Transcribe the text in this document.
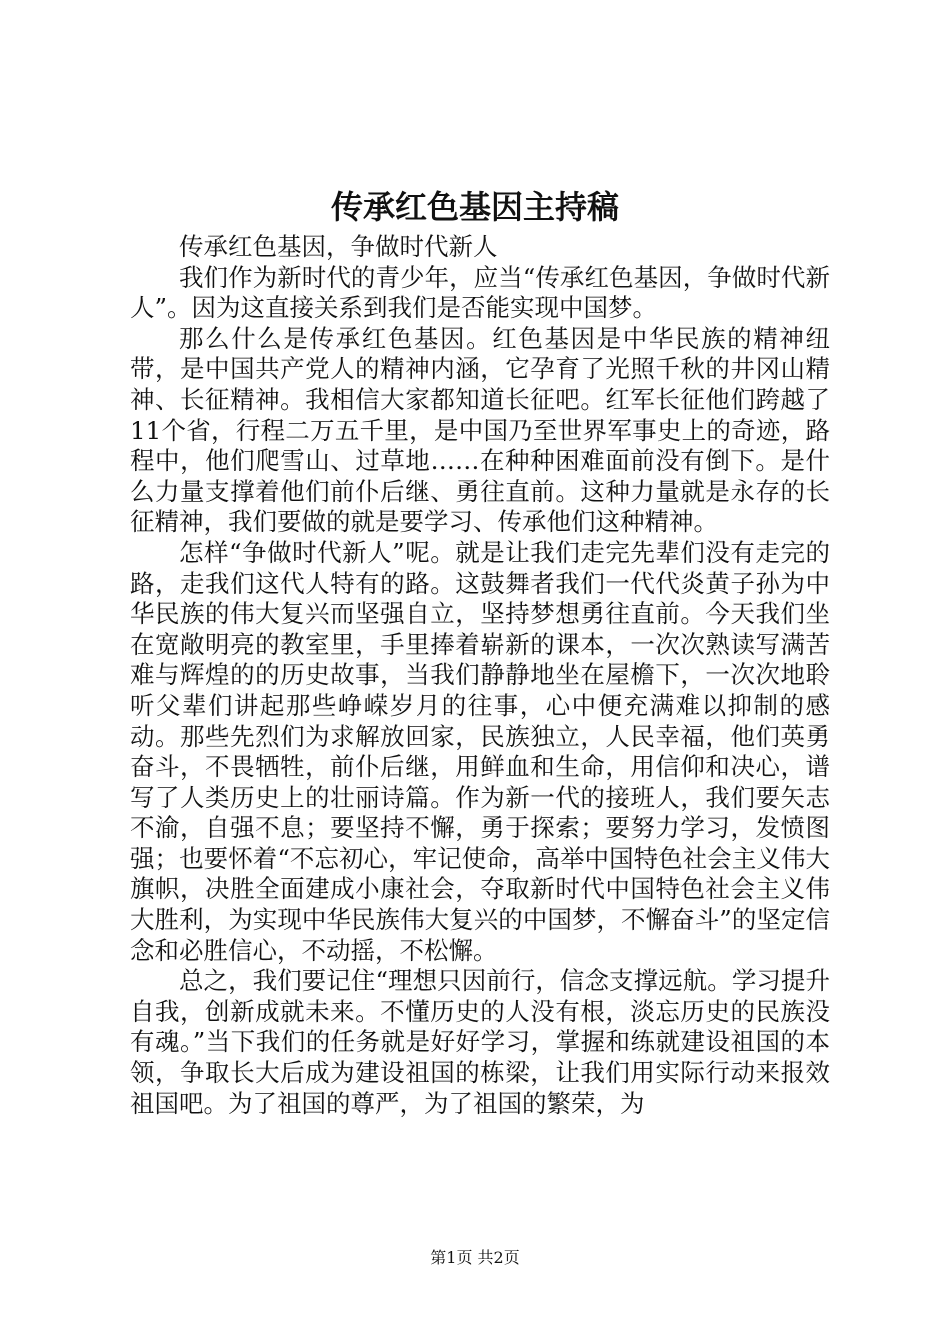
传承红色基因主持稿

传承红色基因，争做时代新人

我们作为新时代的青少年，应当“传承红色基因，争做时代新人”。因为这直接关系到我们是否能实现中国梦。

那么什么是传承红色基因。红色基因是中华民族的精神纽带，是中国共产党人的精神内涵，它孕育了光照千秋的井冈山精神、长征精神。我相信大家都知道长征吧。红军长征他们跨越了11个省，行程二万五千里，是中国乃至世界军事史上的奇迹，路程中，他们爬雪山、过草地……在种种困难面前没有倒下。是什么力量支撑着他们前仆后继、勇往直前。这种力量就是永存的长征精神，我们要做的就是要学习、传承他们这种精神。

怎样“争做时代新人”呢。就是让我们走完先辈们没有走完的路，走我们这代人特有的路。这鼓舞者我们一代代炎黄子孙为中华民族的伟大复兴而坚强自立，坚持梦想勇往直前。今天我们坐在宽敞明亮的教室里，手里捧着崭新的课本，一次次熟读写满苦难与辉煌的的历史故事，当我们静静地坐在屋檐下，一次次地聆听父辈们讲起那些峥嵘岁月的往事，心中便充满难以抑制的感动。那些先烈们为求解放回家，民族独立，人民幸福，他们英勇奋斗，不畏牺牲，前仆后继，用鲜血和生命，用信仰和决心，谱写了人类历史上的壮丽诗篇。作为新一代的接班人，我们要矢志不渝，自强不息；要坚持不懈，勇于探索；要努力学习，发愤图强；也要怀着“不忘初心，牢记使命，高举中国特色社会主义伟大旗帜，决胜全面建成小康社会，夺取新时代中国特色社会主义伟大胜利，为实现中华民族伟大复兴的中国梦，不懈奋斗”的坚定信念和必胜信心，不动摇，不松懈。

总之，我们要记住“理想只因前行，信念支撑远航。学习提升自我，创新成就未来。不懂历史的人没有根，淡忘历史的民族没有魂。”当下我们的任务就是好好学习，掌握和练就建设祖国的本领，争取长大后成为建设祖国的栋梁，让我们用实际行动来报效祖国吧。为了祖国的尊严，为了祖国的繁荣，为

第1页 共2页
